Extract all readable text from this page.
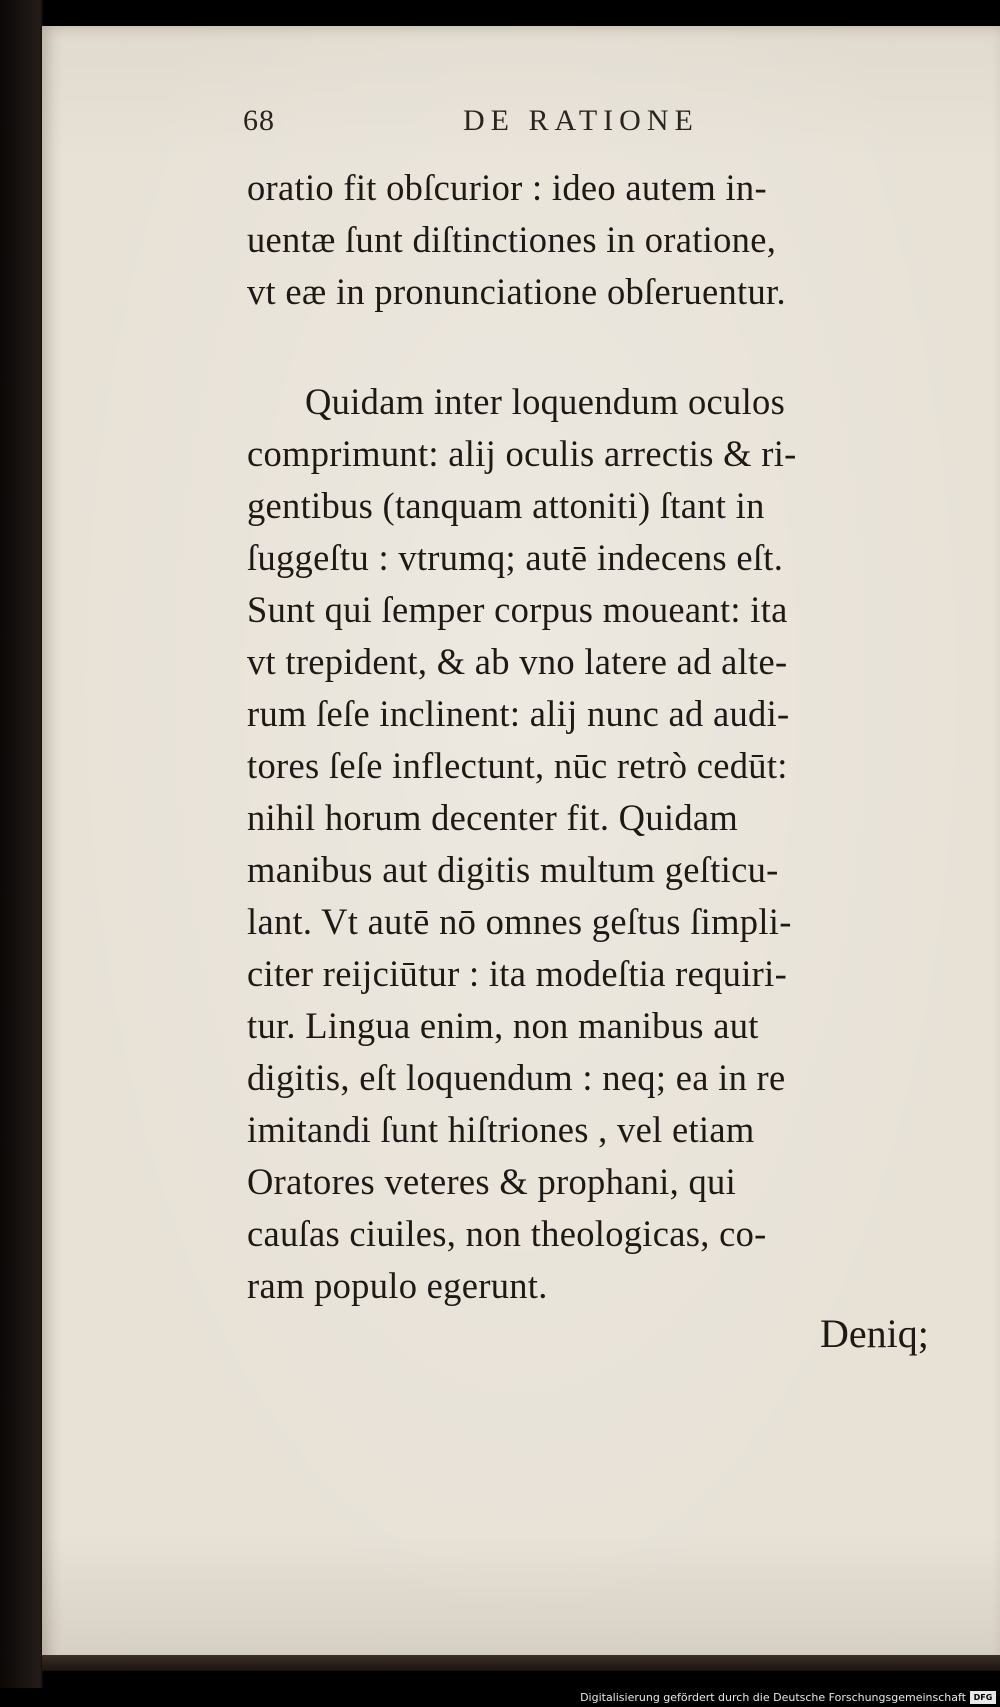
68	DE RATIONE
oratio fit obſcurior : ideo autem in-
uentæ ſunt diſtinctiones in oratione,
vt eæ in pronunciatione obſeruentur.
Quidam inter loquendum oculos
comprimunt: alij oculis arrectis & ri-
gentibus (tanquam attoniti) ſtant in
ſuggeſtu : vtrumq; autē indecens eſt.
Sunt qui ſemper corpus moueant: ita
vt trepident, & ab vno latere ad alte-
rum ſeſe inclinent: alij nunc ad audi-
tores ſeſe inflectunt, nūc retrò cedūt:
nihil horum decenter fit. Quidam
manibus aut digitis multum geſticu-
lant. Vt autē nō omnes geſtus ſimpli-
citer reijciūtur : ita modeſtia requiri-
tur. Lingua enim, non manibus aut
digitis, eſt loquendum : neq; ea in re
imitandi ſunt hiſtriones , vel etiam
Oratores veteres & prophani, qui
cauſas ciuiles, non theologicas, co-
ram populo egerunt.
Deniq;
Digitalisierung gefördert durch die Deutsche Forschungsgemeinschaft DFG
